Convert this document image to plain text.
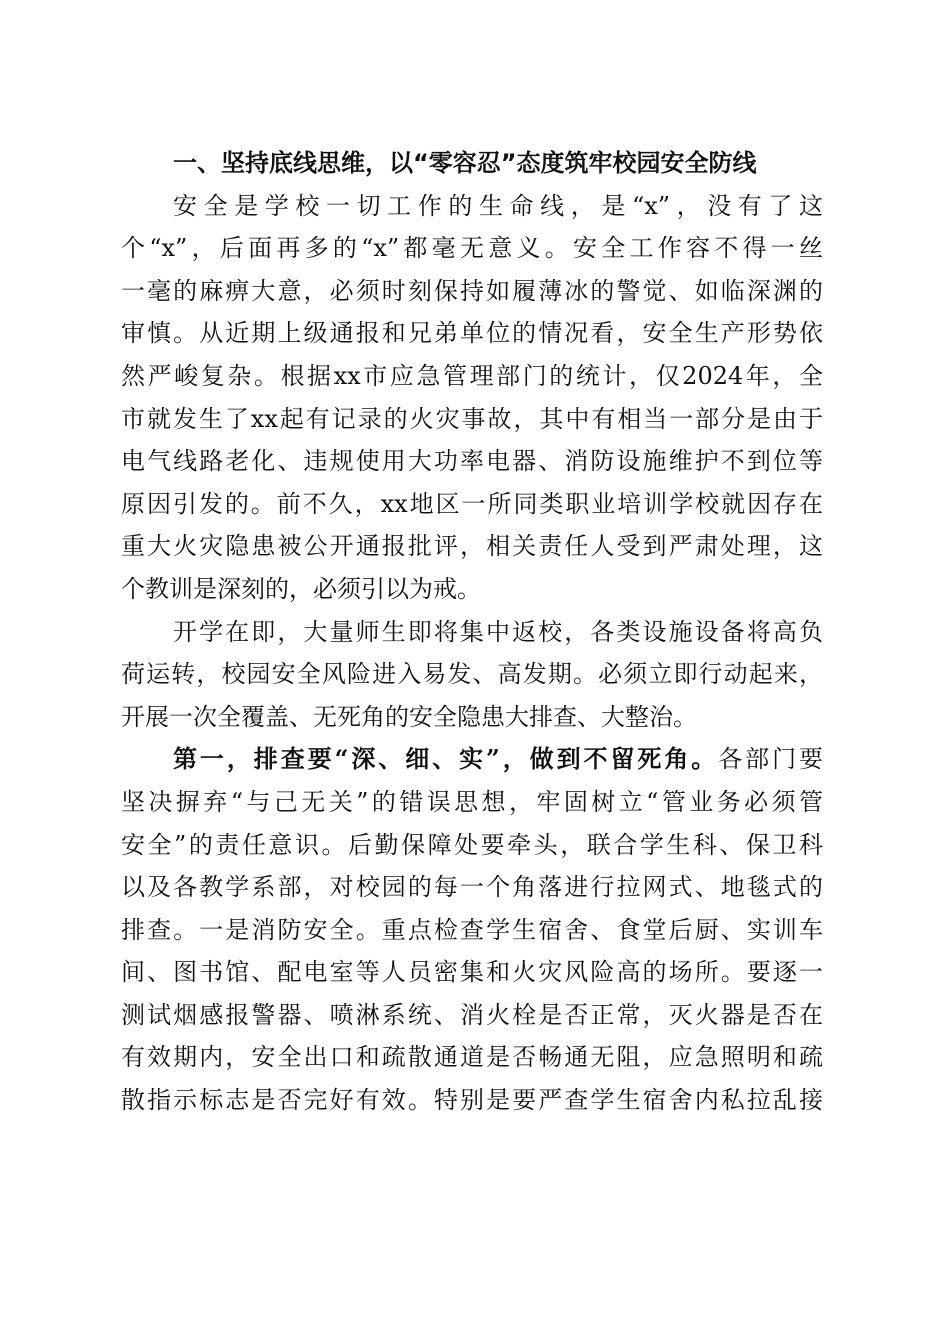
一、坚持底线思维，以“零容忍”态度筑牢校园安全防线
安全是学校一切工作的生命线，是“x”，没有了这
个“x”，后面再多的“x”都毫无意义。安全工作容不得一丝
一毫的麻痹大意，必须时刻保持如履薄冰的警觉、如临深渊的
审慎。从近期上级通报和兄弟单位的情况看，安全生产形势依
然严峻复杂。根据xx市应急管理部门的统计，仅2024年，全
市就发生了xx起有记录的火灾事故，其中有相当一部分是由于
电气线路老化、违规使用大功率电器、消防设施维护不到位等
原因引发的。前不久，xx地区一所同类职业培训学校就因存在
重大火灾隐患被公开通报批评，相关责任人受到严肃处理，这
个教训是深刻的，必须引以为戒。
开学在即，大量师生即将集中返校，各类设施设备将高负
荷运转，校园安全风险进入易发、高发期。必须立即行动起来，
开展一次全覆盖、无死角的安全隐患大排查、大整治。
第一，排查要“深、细、实”，做到不留死角。各部门要
坚决摒弃“与己无关”的错误思想，牢固树立“管业务必须管
安全”的责任意识。后勤保障处要牵头，联合学生科、保卫科
以及各教学系部，对校园的每一个角落进行拉网式、地毯式的
排查。一是消防安全。重点检查学生宿舍、食堂后厨、实训车
间、图书馆、配电室等人员密集和火灾风险高的场所。要逐一
测试烟感报警器、喷淋系统、消火栓是否正常，灭火器是否在
有效期内，安全出口和疏散通道是否畅通无阻，应急照明和疏
散指示标志是否完好有效。特别是要严查学生宿舍内私拉乱接
